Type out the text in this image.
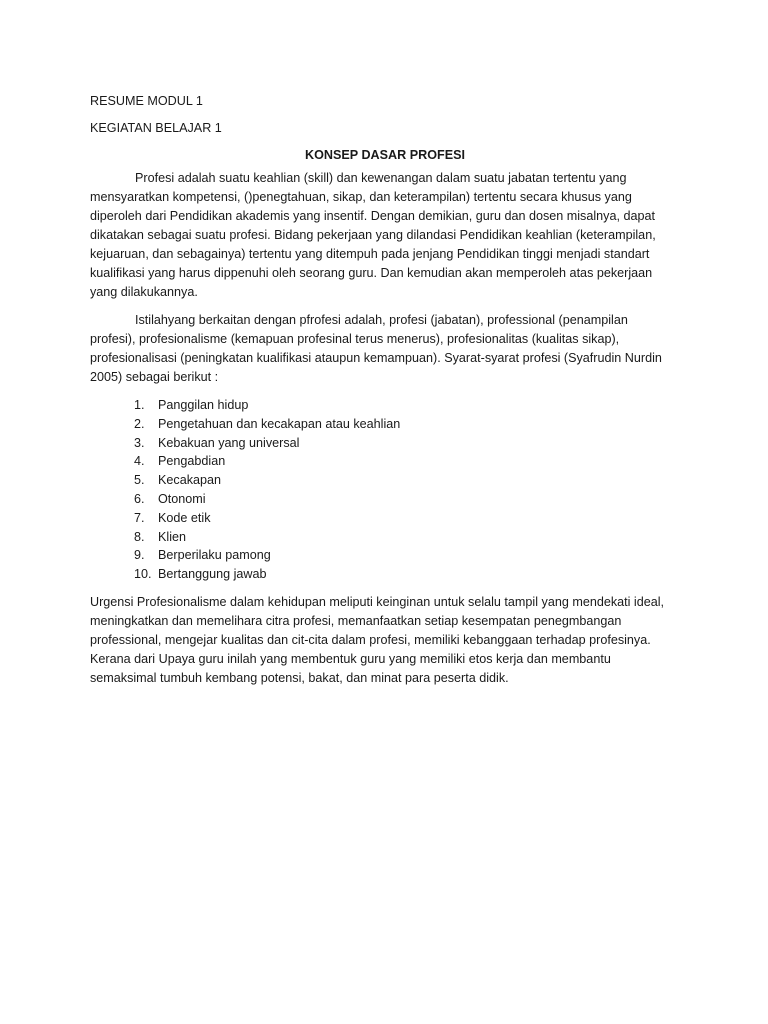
RESUME MODUL 1

KEGIATAN BELAJAR 1

KONSEP DASAR PROFESI

Profesi adalah suatu keahlian (skill) dan kewenangan dalam suatu jabatan tertentu yang
mensyaratkan kompetensi, ()penegtahuan, sikap, dan keterampilan) tertentu secara khusus yang
diperoleh dari Pendidikan akademis yang insentif. Dengan demikian, guru dan dosen misalnya, dapat
dikatakan sebagai suatu profesi. Bidang pekerjaan yang dilandasi Pendidikan keahlian (keterampilan,
kejuaruan, dan sebagainya) tertentu yang ditempuh pada jenjang Pendidikan tinggi menjadi standart
kualifikasi yang harus dippenuhi oleh seorang guru. Dan kemudian akan memperoleh atas pekerjaan
yang dilakukannya.
Istilahyang berkaitan dengan pfrofesi adalah, profesi (jabatan), professional (penampilan
profesi), profesionalisme (kemapuan profesinal terus menerus), profesionalitas (kualitas sikap),
profesionalisasi (peningkatan kualifikasi ataupun kemampuan). Syarat-syarat profesi (Syafrudin Nurdin
2005) sebagai berikut :
1.	Panggilan hidup
2.	Pengetahuan dan kecakapan atau keahlian
3.	Kebakuan yang universal
4.	Pengabdian
5.	Kecakapan
6.	Otonomi
7.	Kode etik
8.	Klien
9.	Berperilaku pamong
10. Bertanggung jawab
Urgensi Profesionalisme dalam kehidupan meliputi keinginan untuk selalu tampil yang mendekati ideal,
meningkatkan dan memelihara citra profesi, memanfaatkan setiap kesempatan penegmbangan
professional, mengejar kualitas dan cit-cita dalam profesi, memiliki kebanggaan terhadap profesinya.
Kerana dari Upaya guru inilah yang membentuk guru yang memiliki etos kerja dan membantu
semaksimal tumbuh kembang potensi, bakat, dan minat para peserta didik.
